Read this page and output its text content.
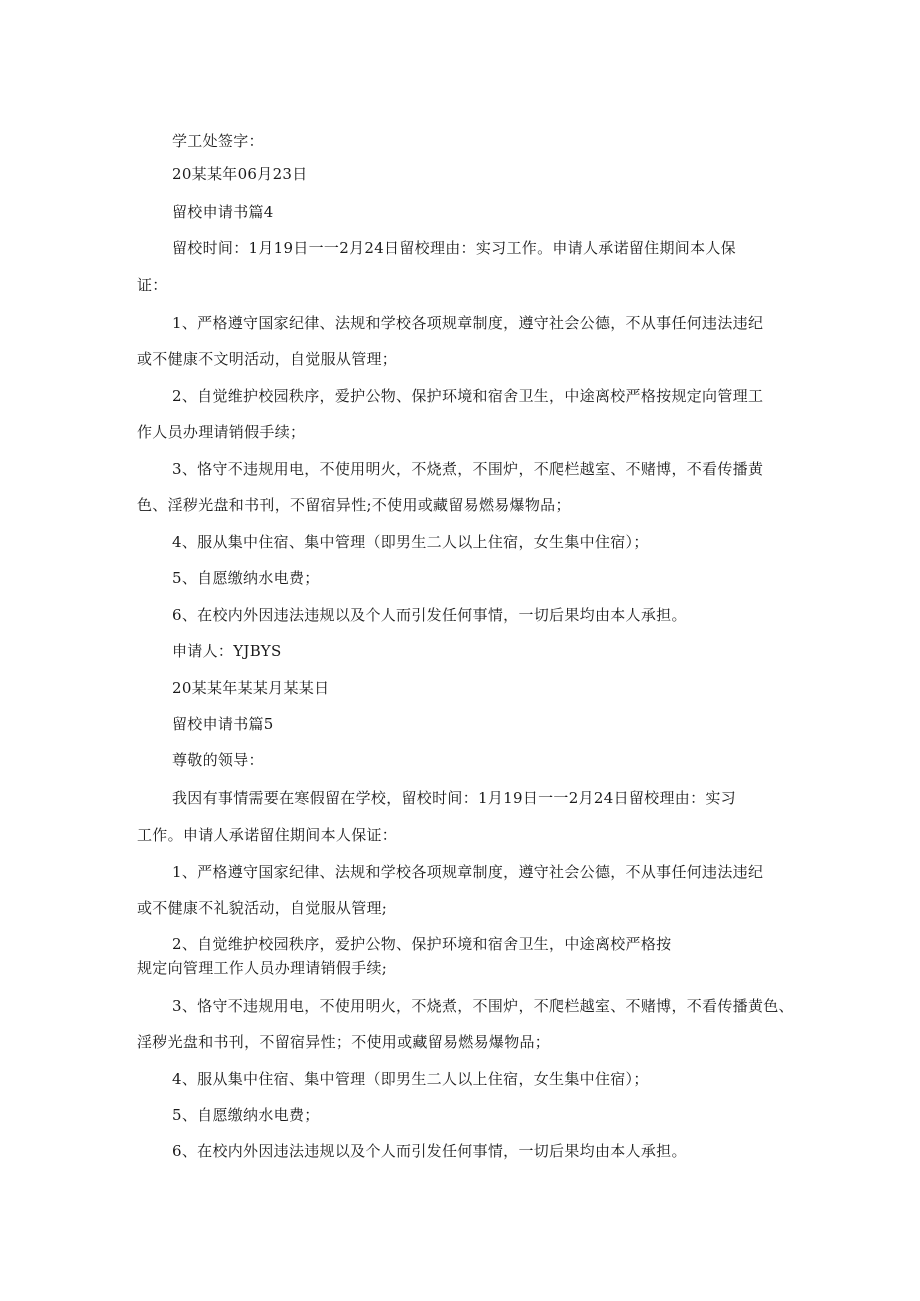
学工处签字：
20某某年06月23日
留校申请书篇4
留校时间：1月19日一一2月24日留校理由：实习工作。申请人承诺留住期间本人保
证：
1、严格遵守国家纪律、法规和学校各项规章制度，遵守社会公德，不从事任何违法违纪
或不健康不文明活动，自觉服从管理；
2、自觉维护校园秩序，爱护公物、保护环境和宿舍卫生，中途离校严格按规定向管理工
作人员办理请销假手续；
3、恪守不违规用电，不使用明火，不烧煮，不围炉，不爬栏越室、不赌博，不看传播黄
色、淫秽光盘和书刊，不留宿异性;不使用或藏留易燃易爆物品；
4、服从集中住宿、集中管理（即男生二人以上住宿，女生集中住宿）；
5、自愿缴纳水电费；
6、在校内外因违法违规以及个人而引发任何事情，一切后果均由本人承担。
申请人：YJBYS
20某某年某某月某某日
留校申请书篇5
尊敬的领导：
我因有事情需要在寒假留在学校，留校时间：1月19日一一2月24日留校理由：实习
工作。申请人承诺留住期间本人保证：
1、严格遵守国家纪律、法规和学校各项规章制度，遵守社会公德，不从事任何违法违纪
或不健康不礼貌活动，自觉服从管理;
2、自觉维护校园秩序，爱护公物、保护环境和宿舍卫生，中途离校严格按
规定向管理工作人员办理请销假手续;
3、恪守不违规用电，不使用明火，不烧煮，不围炉，不爬栏越室、不赌博，不看传播黄色、
淫秽光盘和书刊，不留宿异性；不使用或藏留易燃易爆物品；
4、服从集中住宿、集中管理（即男生二人以上住宿，女生集中住宿）；
5、自愿缴纳水电费；
6、在校内外因违法违规以及个人而引发任何事情，一切后果均由本人承担。
